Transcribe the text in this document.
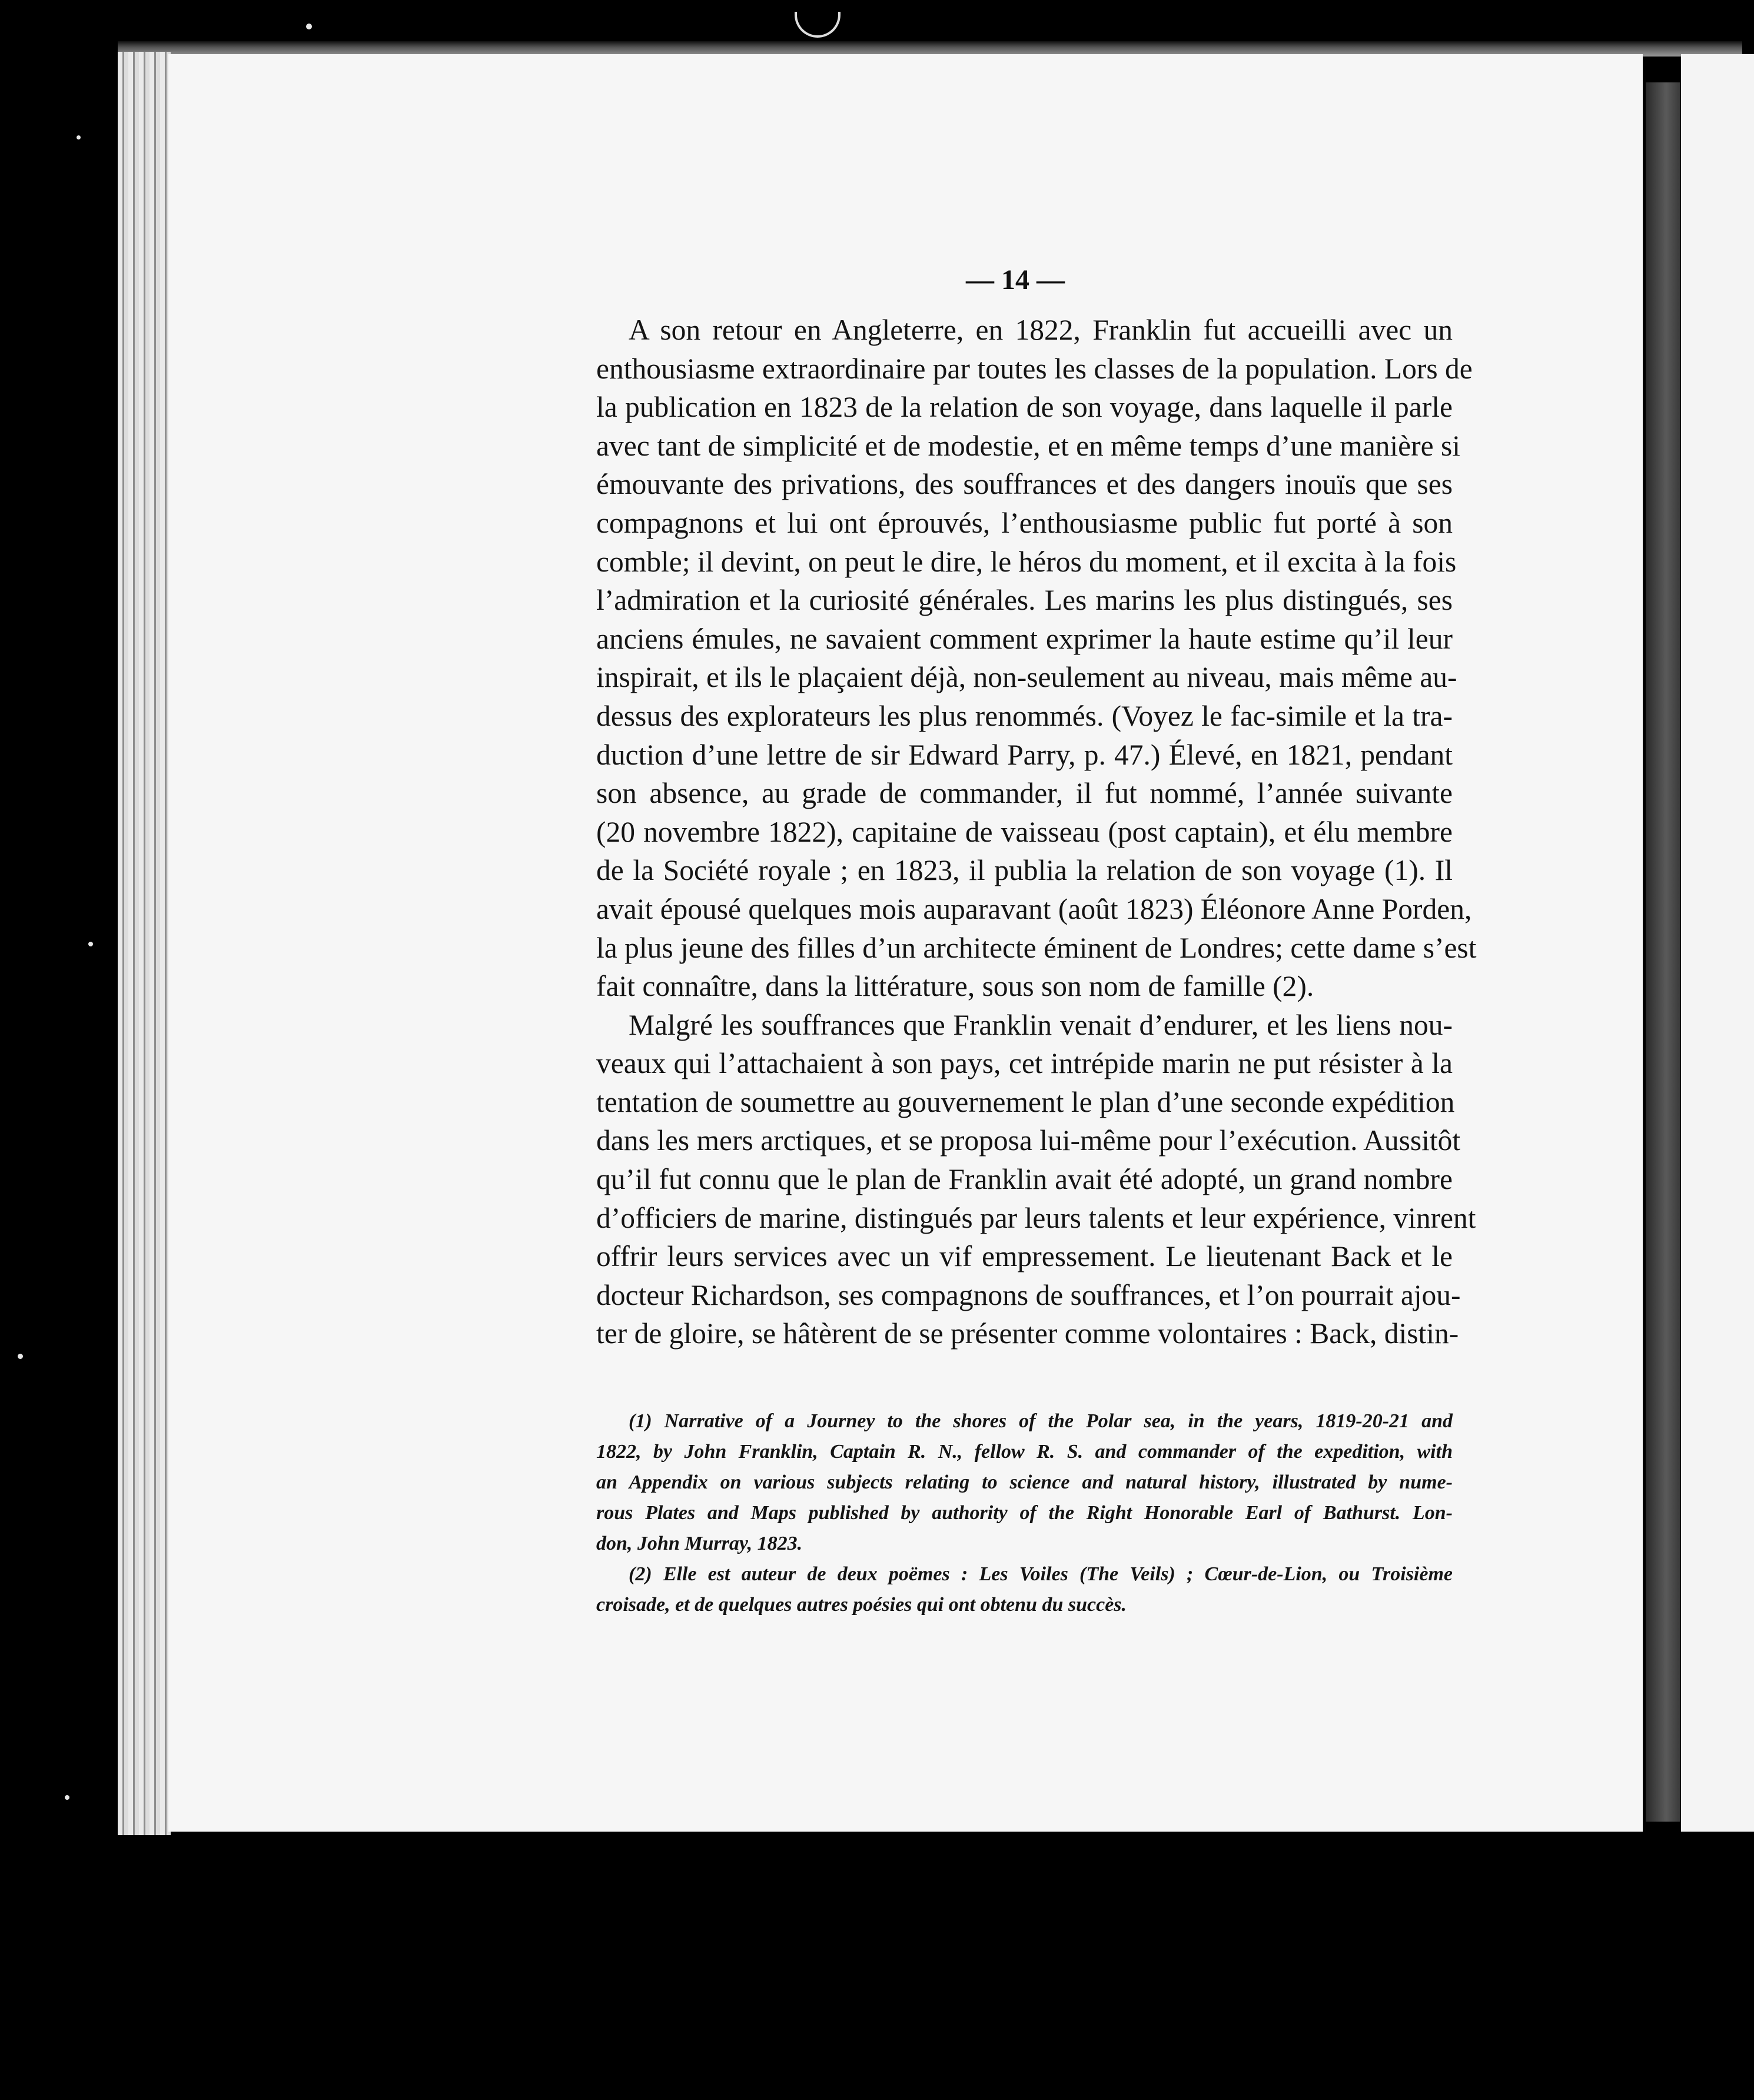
— 14 —
A son retour en Angleterre, en 1822, Franklin fut accueilli avec un
enthousiasme extraordinaire par toutes les classes de la population. Lors de
la publication en 1823 de la relation de son voyage, dans laquelle il parle
avec tant de simplicité et de modestie, et en même temps d’une manière si
émouvante des privations, des souffrances et des dangers inouïs que ses
compagnons et lui ont éprouvés, l’enthousiasme public fut porté à son
comble; il devint, on peut le dire, le héros du moment, et il excita à la fois
l’admiration et la curiosité générales. Les marins les plus distingués, ses
anciens émules, ne savaient comment exprimer la haute estime qu’il leur
inspirait, et ils le plaçaient déjà, non-seulement au niveau, mais même au-
dessus des explorateurs les plus renommés. (Voyez le fac-simile et la tra-
duction d’une lettre de sir Edward Parry, p. 47.) Élevé, en 1821, pendant
son absence, au grade de commander, il fut nommé, l’année suivante
(20 novembre 1822), capitaine de vaisseau (post captain), et élu membre
de la Société royale ; en 1823, il publia la relation de son voyage (1). Il
avait épousé quelques mois auparavant (août 1823) Éléonore Anne Porden,
la plus jeune des filles d’un architecte éminent de Londres; cette dame s’est
fait connaître, dans la littérature, sous son nom de famille (2).
Malgré les souffrances que Franklin venait d’endurer, et les liens nou-
veaux qui l’attachaient à son pays, cet intrépide marin ne put résister à la
tentation de soumettre au gouvernement le plan d’une seconde expédition
dans les mers arctiques, et se proposa lui-même pour l’exécution. Aussitôt
qu’il fut connu que le plan de Franklin avait été adopté, un grand nombre
d’officiers de marine, distingués par leurs talents et leur expérience, vinrent
offrir leurs services avec un vif empressement. Le lieutenant Back et le
docteur Richardson, ses compagnons de souffrances, et l’on pourrait ajou-
ter de gloire, se hâtèrent de se présenter comme volontaires : Back, distin-
(1) Narrative of a Journey to the shores of the Polar sea, in the years, 1819-20-21 and
1822, by John Franklin, Captain R. N., fellow R. S. and commander of the expedition, with
an Appendix on various subjects relating to science and natural history, illustrated by nume-
rous Plates and Maps published by authority of the Right Honorable Earl of Bathurst. Lon-
don, John Murray, 1823.
(2) Elle est auteur de deux poëmes : Les Voiles (The Veils) ; Cœur-de-Lion, ou Troisième
croisade, et de quelques autres poésies qui ont obtenu du succès.
